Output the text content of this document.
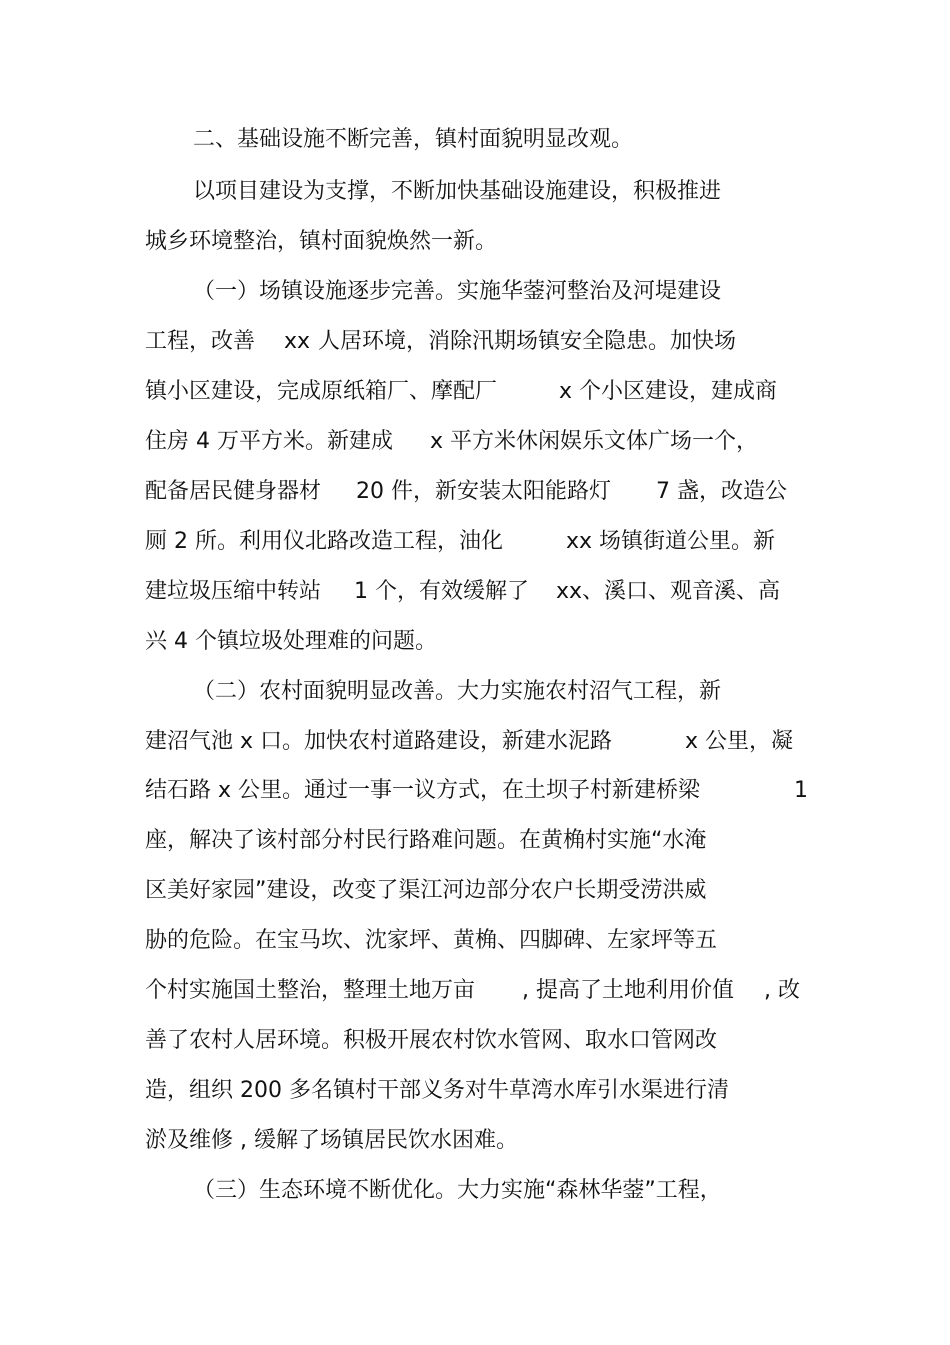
二、基础设施不断完善，镇村面貌明显改观。
以项目建设为支撑，不断加快基础设施建设，积极推进
城乡环境整治，镇村面貌焕然一新。
（一）场镇设施逐步完善。实施华蓥河整治及河堤建设
工程，改善 xx 人居环境，消除汛期场镇安全隐患。加快场
镇小区建设，完成原纸箱厂、摩配厂	x 个小区建设，建成商
住房 4 万平方米。新建成 x 平方米休闲娱乐文体广场一个，
配备居民健身器材 20 件，新安装太阳能路灯 7 盏，改造公
厕 2 所。利用仪北路改造工程，油化	xx 场镇街道公里。新
建垃圾压缩中转站 1 个，有效缓解了 xx、溪口、观音溪、高
兴 4 个镇垃圾处理难的问题。
（二）农村面貌明显改善。大力实施农村沼气工程，新
建沼气池 x 口。加快农村道路建设，新建水泥路	x 公里，凝
结石路 x 公里。通过一事一议方式，在土坝子村新建桥梁	1
座，解决了该村部分村民行路难问题。在黄桷村实施“水淹
区美好家园”建设，改变了渠江河边部分农户长期受涝洪威
胁的危险。在宝马坎、沈家坪、黄桷、四脚碑、左家坪等五
个村实施国土整治，整理土地万亩 , 提高了土地利用价值 , 改
善了农村人居环境。积极开展农村饮水管网、取水口管网改
造，组织 200 多名镇村干部义务对牛草湾水库引水渠进行清
淤及维修 , 缓解了场镇居民饮水困难。
（三）生态环境不断优化。大力实施“森林华蓥”工程，
